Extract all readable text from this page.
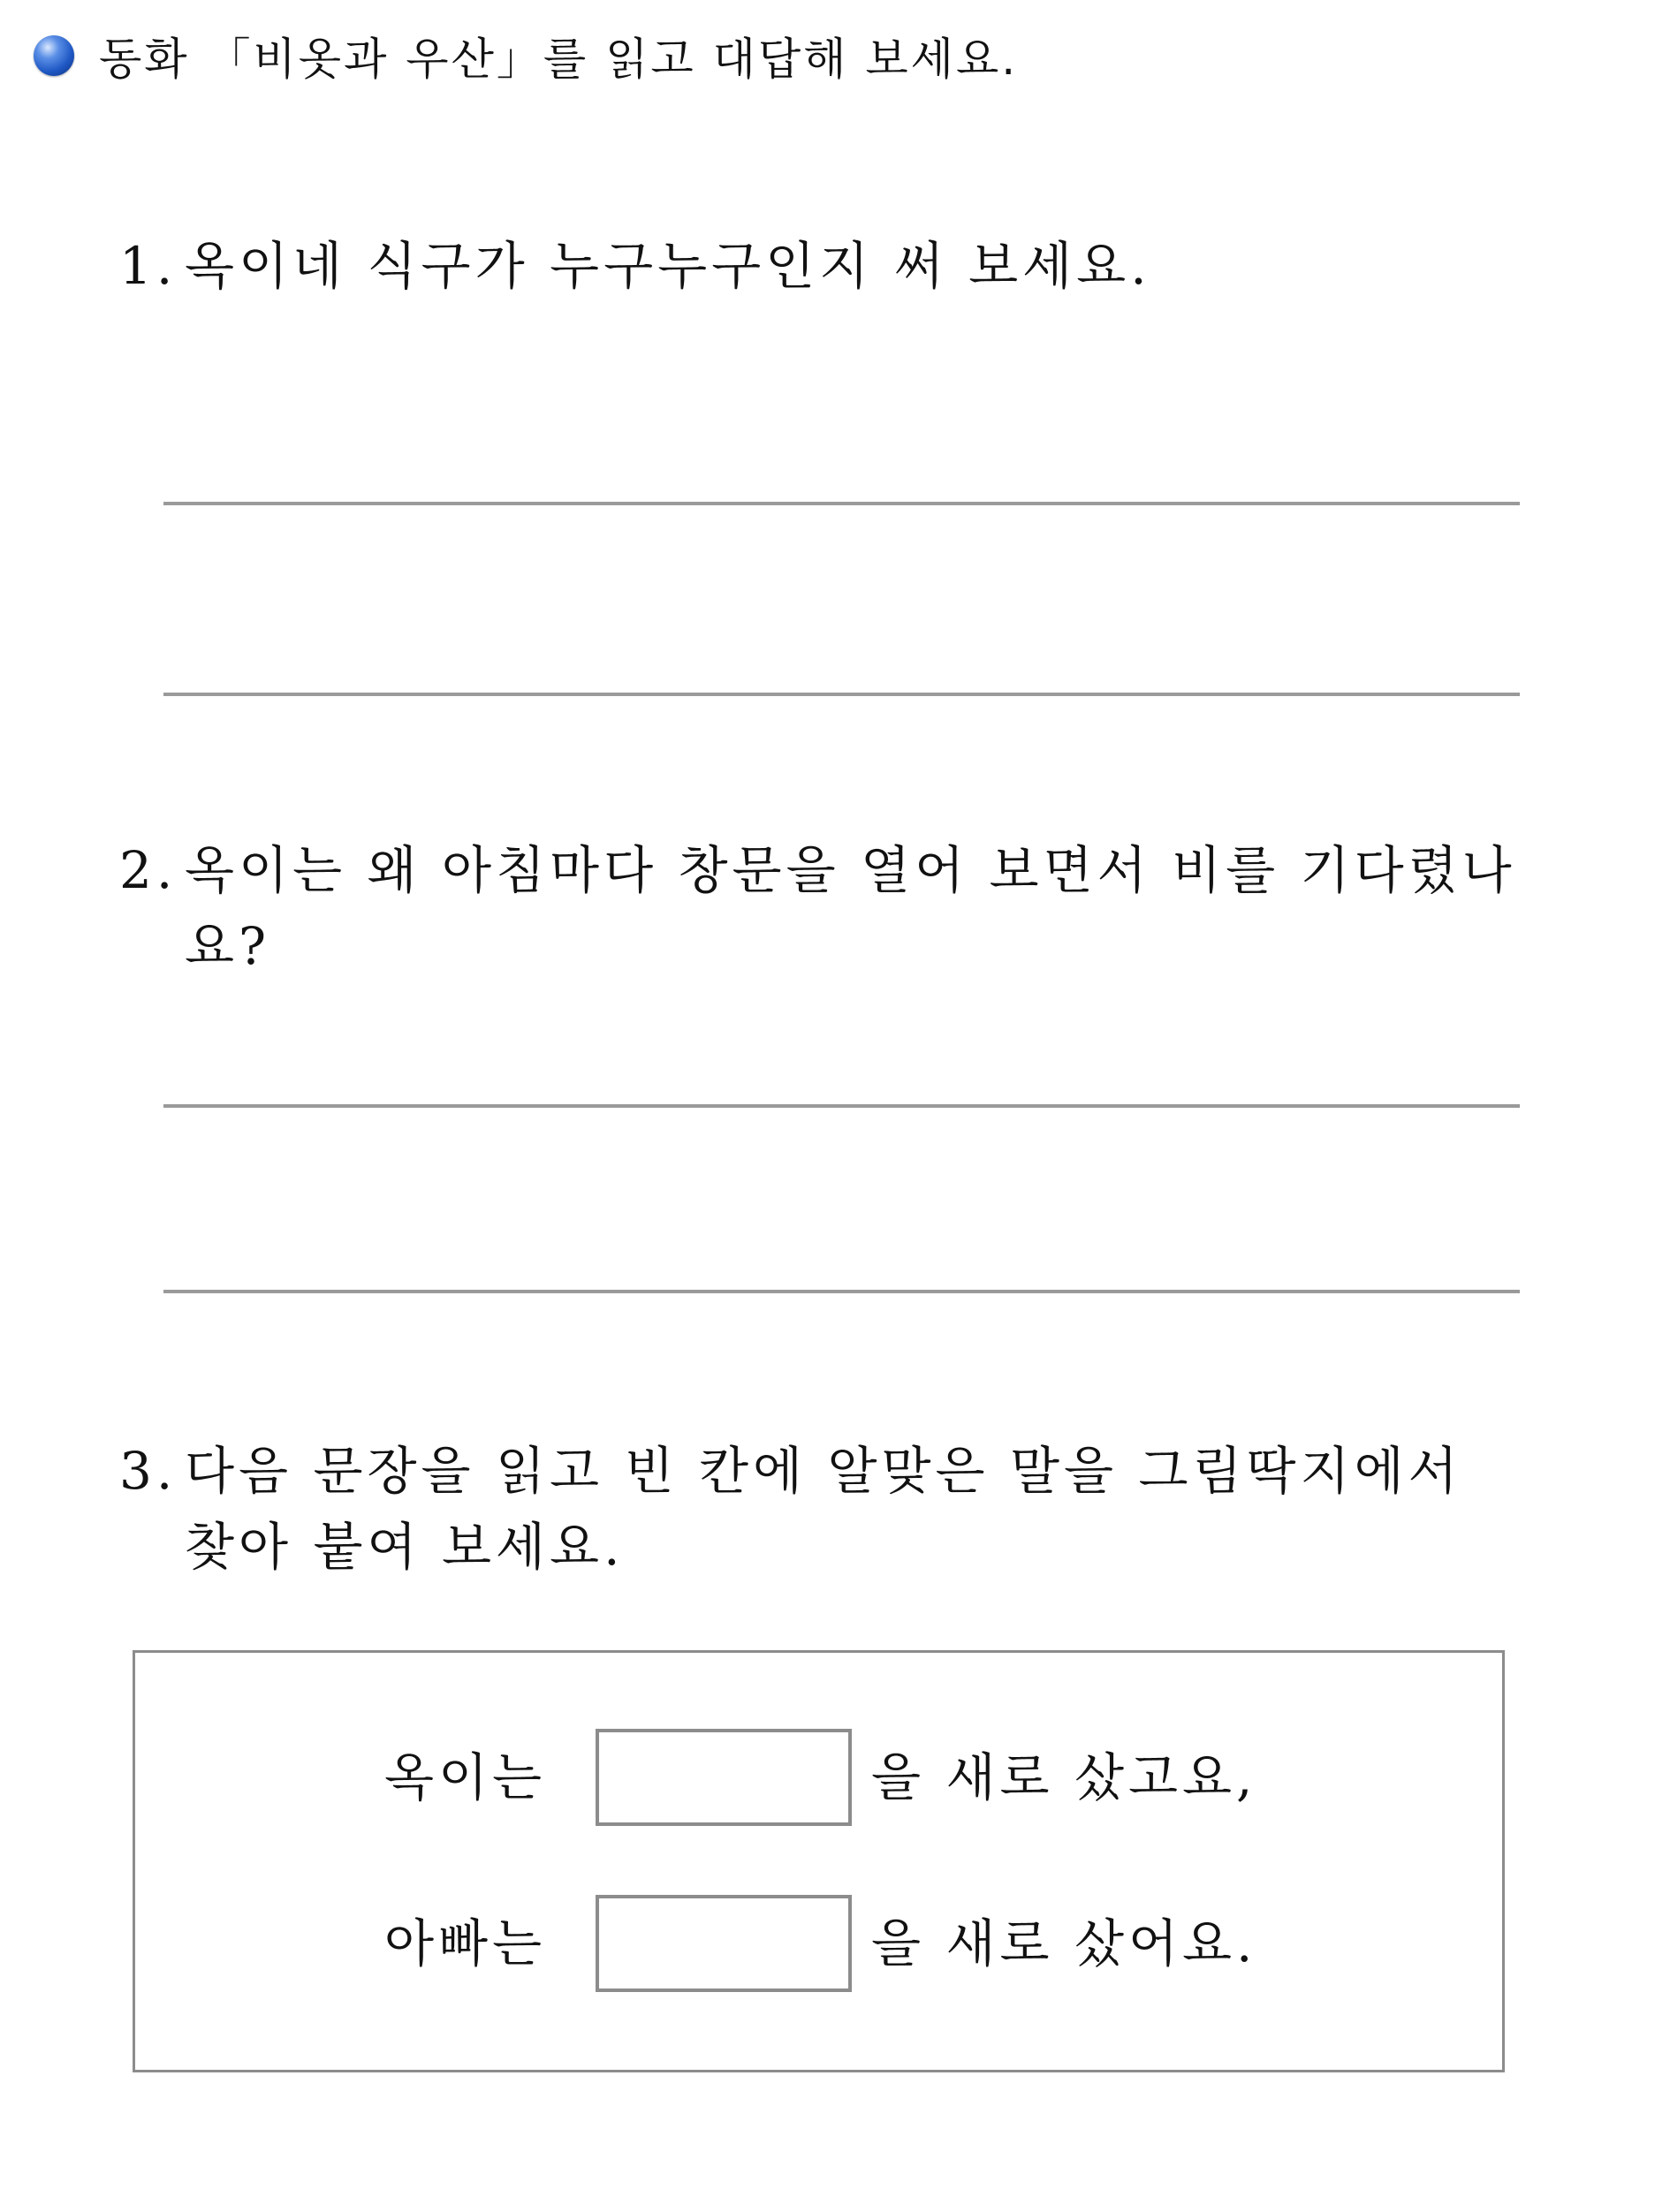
동화 「비옷과 우산」를 읽고 대답해 보세요.
1. 옥이네 식구가 누구누구인지 써 보세요.
2. 옥이는 왜 아침마다 창문을 열어 보면서 비를 기다렸나요?
3. 다음 문장을 읽고 빈 칸에 알맞은 말을 그림딱지에서 찾아 붙여 보세요.
옥이는	을 새로 샀고요,
아빠는	을 새로 샀어요.
